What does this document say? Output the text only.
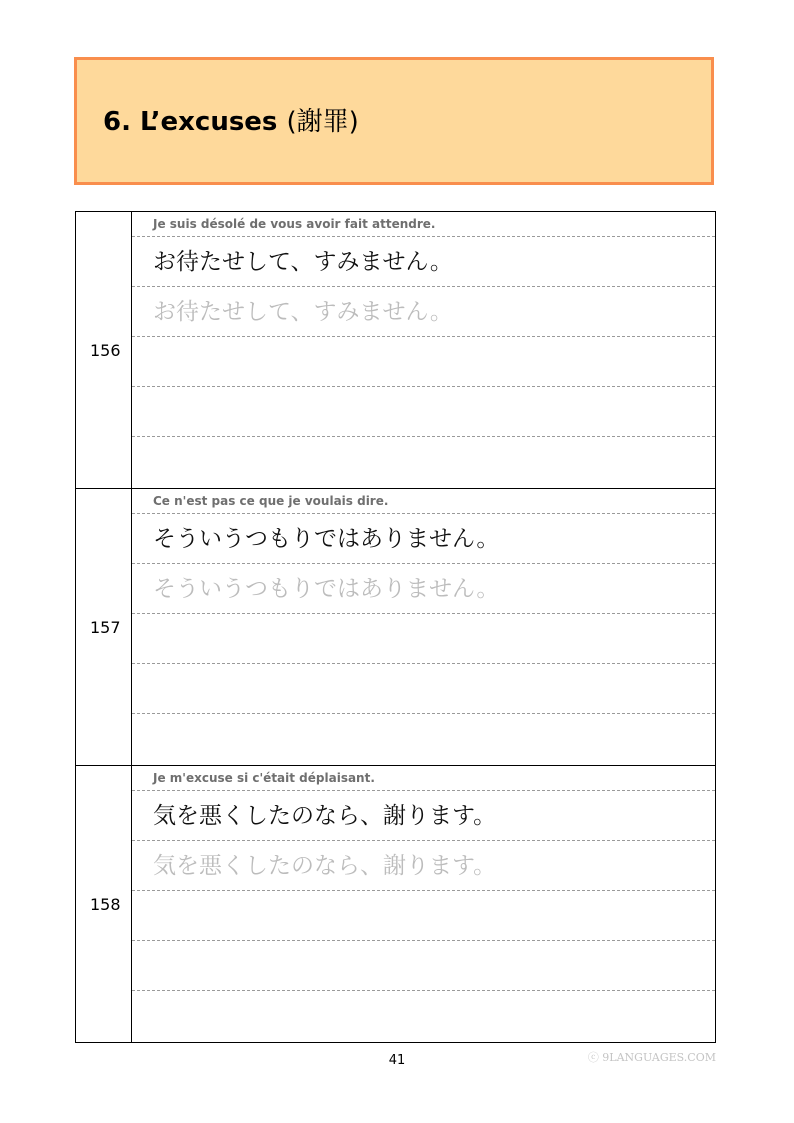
6. L’excuses (謝罪)
156
Je suis désolé de vous avoir fait attendre.
お待たせして、すみません。
お待たせして、すみません。
157
Ce n'est pas ce que je voulais dire.
そういうつもりではありません。
そういうつもりではありません。
158
Je m'excuse si c'était déplaisant.
気を悪くしたのなら、謝ります。
気を悪くしたのなら、謝ります。
41	ⓒ 9LANGUAGES.COM
